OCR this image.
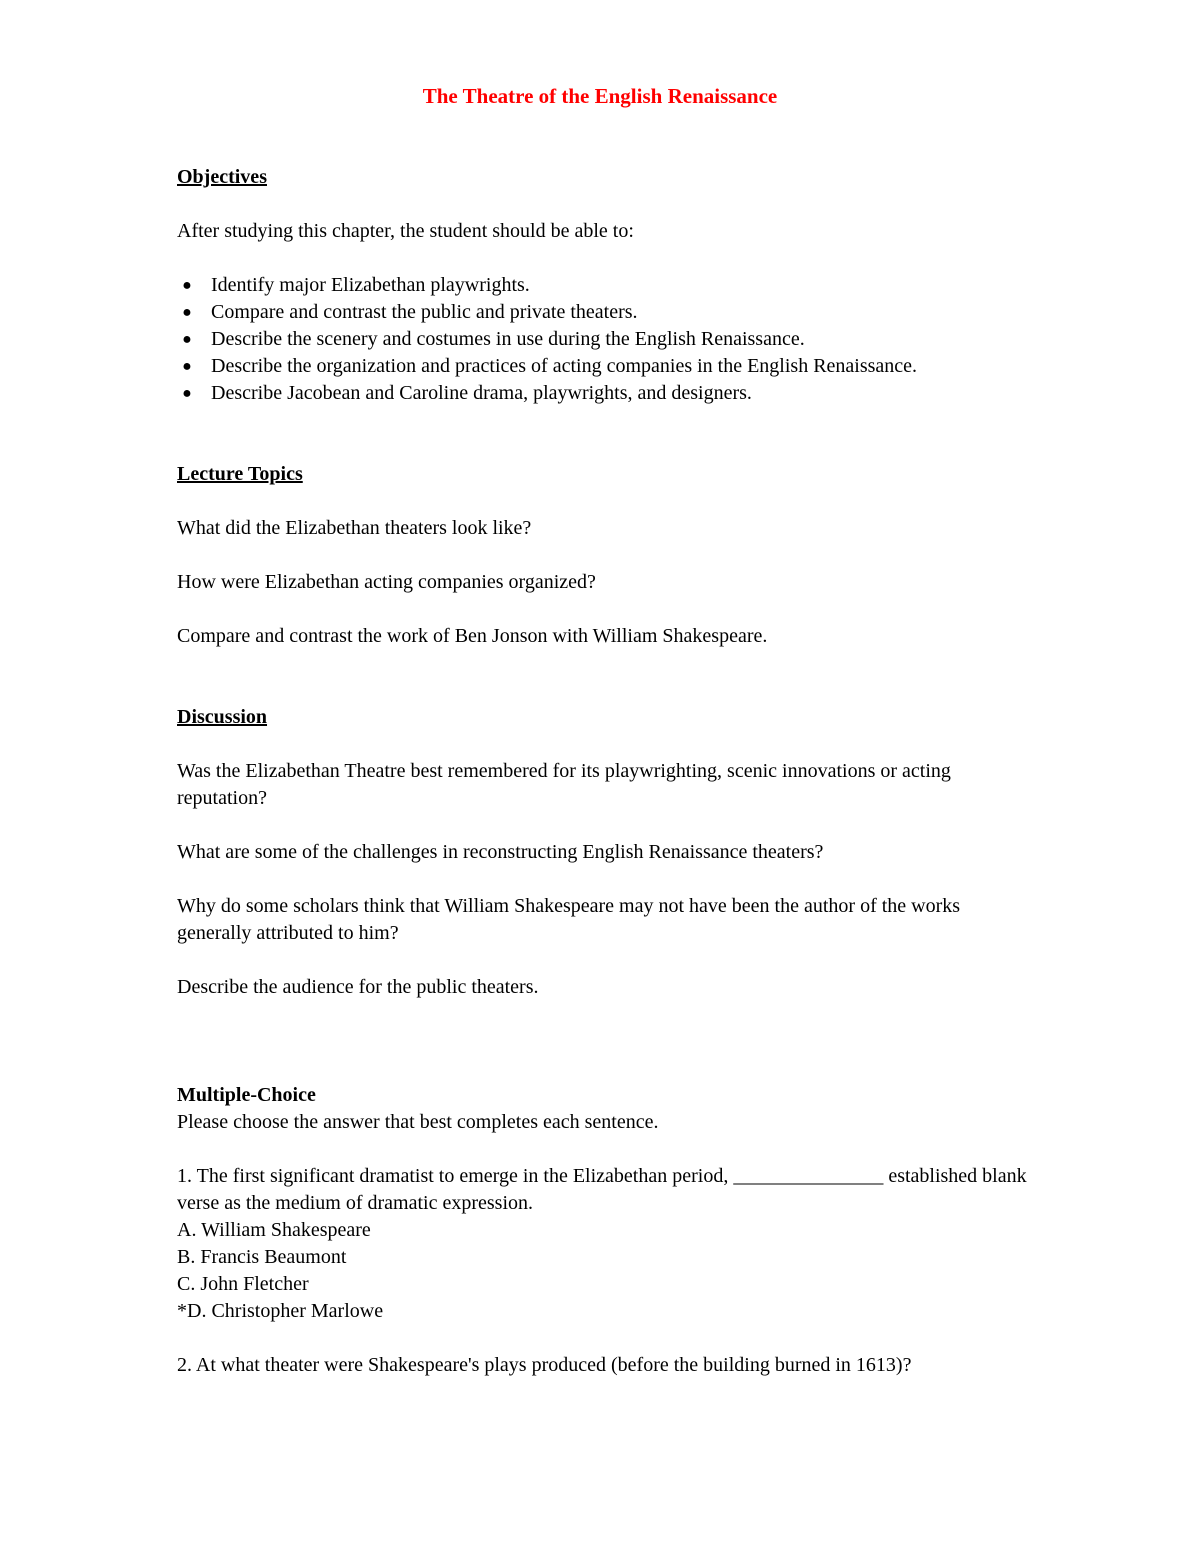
The Theatre of the English Renaissance

Objectives

After studying this chapter, the student should be able to:

● Identify major Elizabethan playwrights.
● Compare and contrast the public and private theaters.
● Describe the scenery and costumes in use during the English Renaissance.
● Describe the organization and practices of acting companies in the English Renaissance.
● Describe Jacobean and Caroline drama, playwrights, and designers.

Lecture Topics

What did the Elizabethan theaters look like?

How were Elizabethan acting companies organized?

Compare and contrast the work of Ben Jonson with William Shakespeare.

Discussion

Was the Elizabethan Theatre best remembered for its playwrighting, scenic innovations or acting reputation?

What are some of the challenges in reconstructing English Renaissance theaters?

Why do some scholars think that William Shakespeare may not have been the author of the works generally attributed to him?

Describe the audience for the public theaters.

Multiple-Choice

Please choose the answer that best completes each sentence.

1. The first significant dramatist to emerge in the Elizabethan period, _______________ established blank verse as the medium of dramatic expression.

A. William Shakespeare

B. Francis Beaumont

C. John Fletcher

*D. Christopher Marlowe

2. At what theater were Shakespeare's plays produced (before the building burned in 1613)?
